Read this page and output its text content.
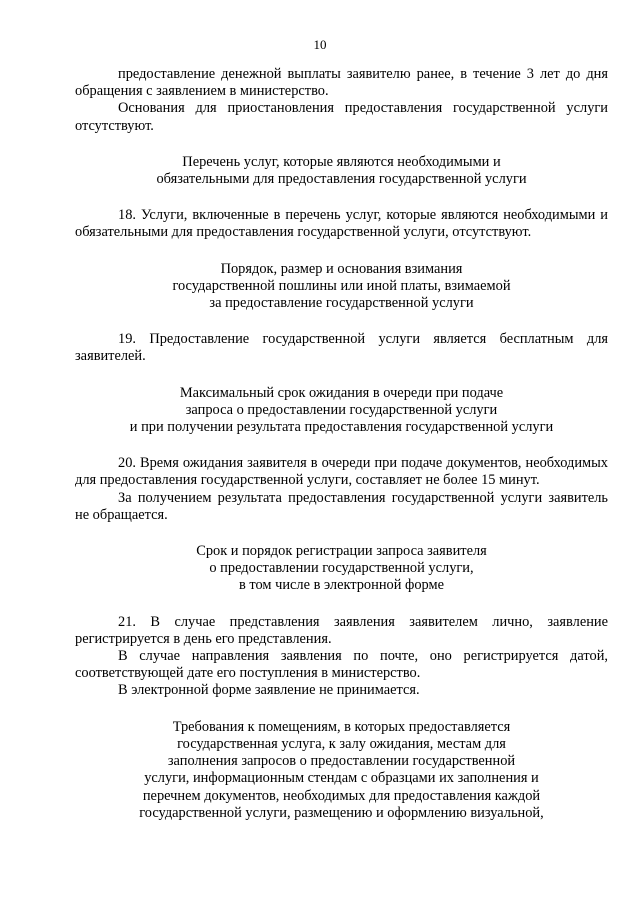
10

предоставление денежной выплаты заявителю ранее, в течение 3 лет до дня обращения с заявлением в министерство.

Основания для приостановления предоставления государственной услуги отсутствуют.

Перечень услуг, которые являются необходимыми и
обязательными для предоставления государственной услуги

18. Услуги, включенные в перечень услуг, которые являются необходимыми и обязательными для предоставления государственной услуги, отсутствуют.

Порядок, размер и основания взимания
государственной пошлины или иной платы, взимаемой
за предоставление государственной услуги

19. Предоставление государственной услуги является бесплатным для заявителей.

Максимальный срок ожидания в очереди при подаче
запроса о предоставлении государственной услуги
и при получении результата предоставления государственной услуги

20. Время ожидания заявителя в очереди при подаче документов, необходимых для предоставления государственной услуги, составляет не более 15 минут.

За получением результата предоставления государственной услуги заявитель не обращается.

Срок и порядок регистрации запроса заявителя
о предоставлении государственной услуги,
в том числе в электронной форме

21. В случае представления заявления заявителем лично, заявление регистрируется в день его представления.

В случае направления заявления по почте, оно регистрируется датой, соответствующей дате его поступления в министерство.

В электронной форме заявление не принимается.

Требования к помещениям, в которых предоставляется
государственная услуга, к залу ожидания, местам для
заполнения запросов о предоставлении государственной
услуги, информационным стендам с образцами их заполнения и
перечнем документов, необходимых для предоставления каждой
государственной услуги, размещению и оформлению визуальной,
